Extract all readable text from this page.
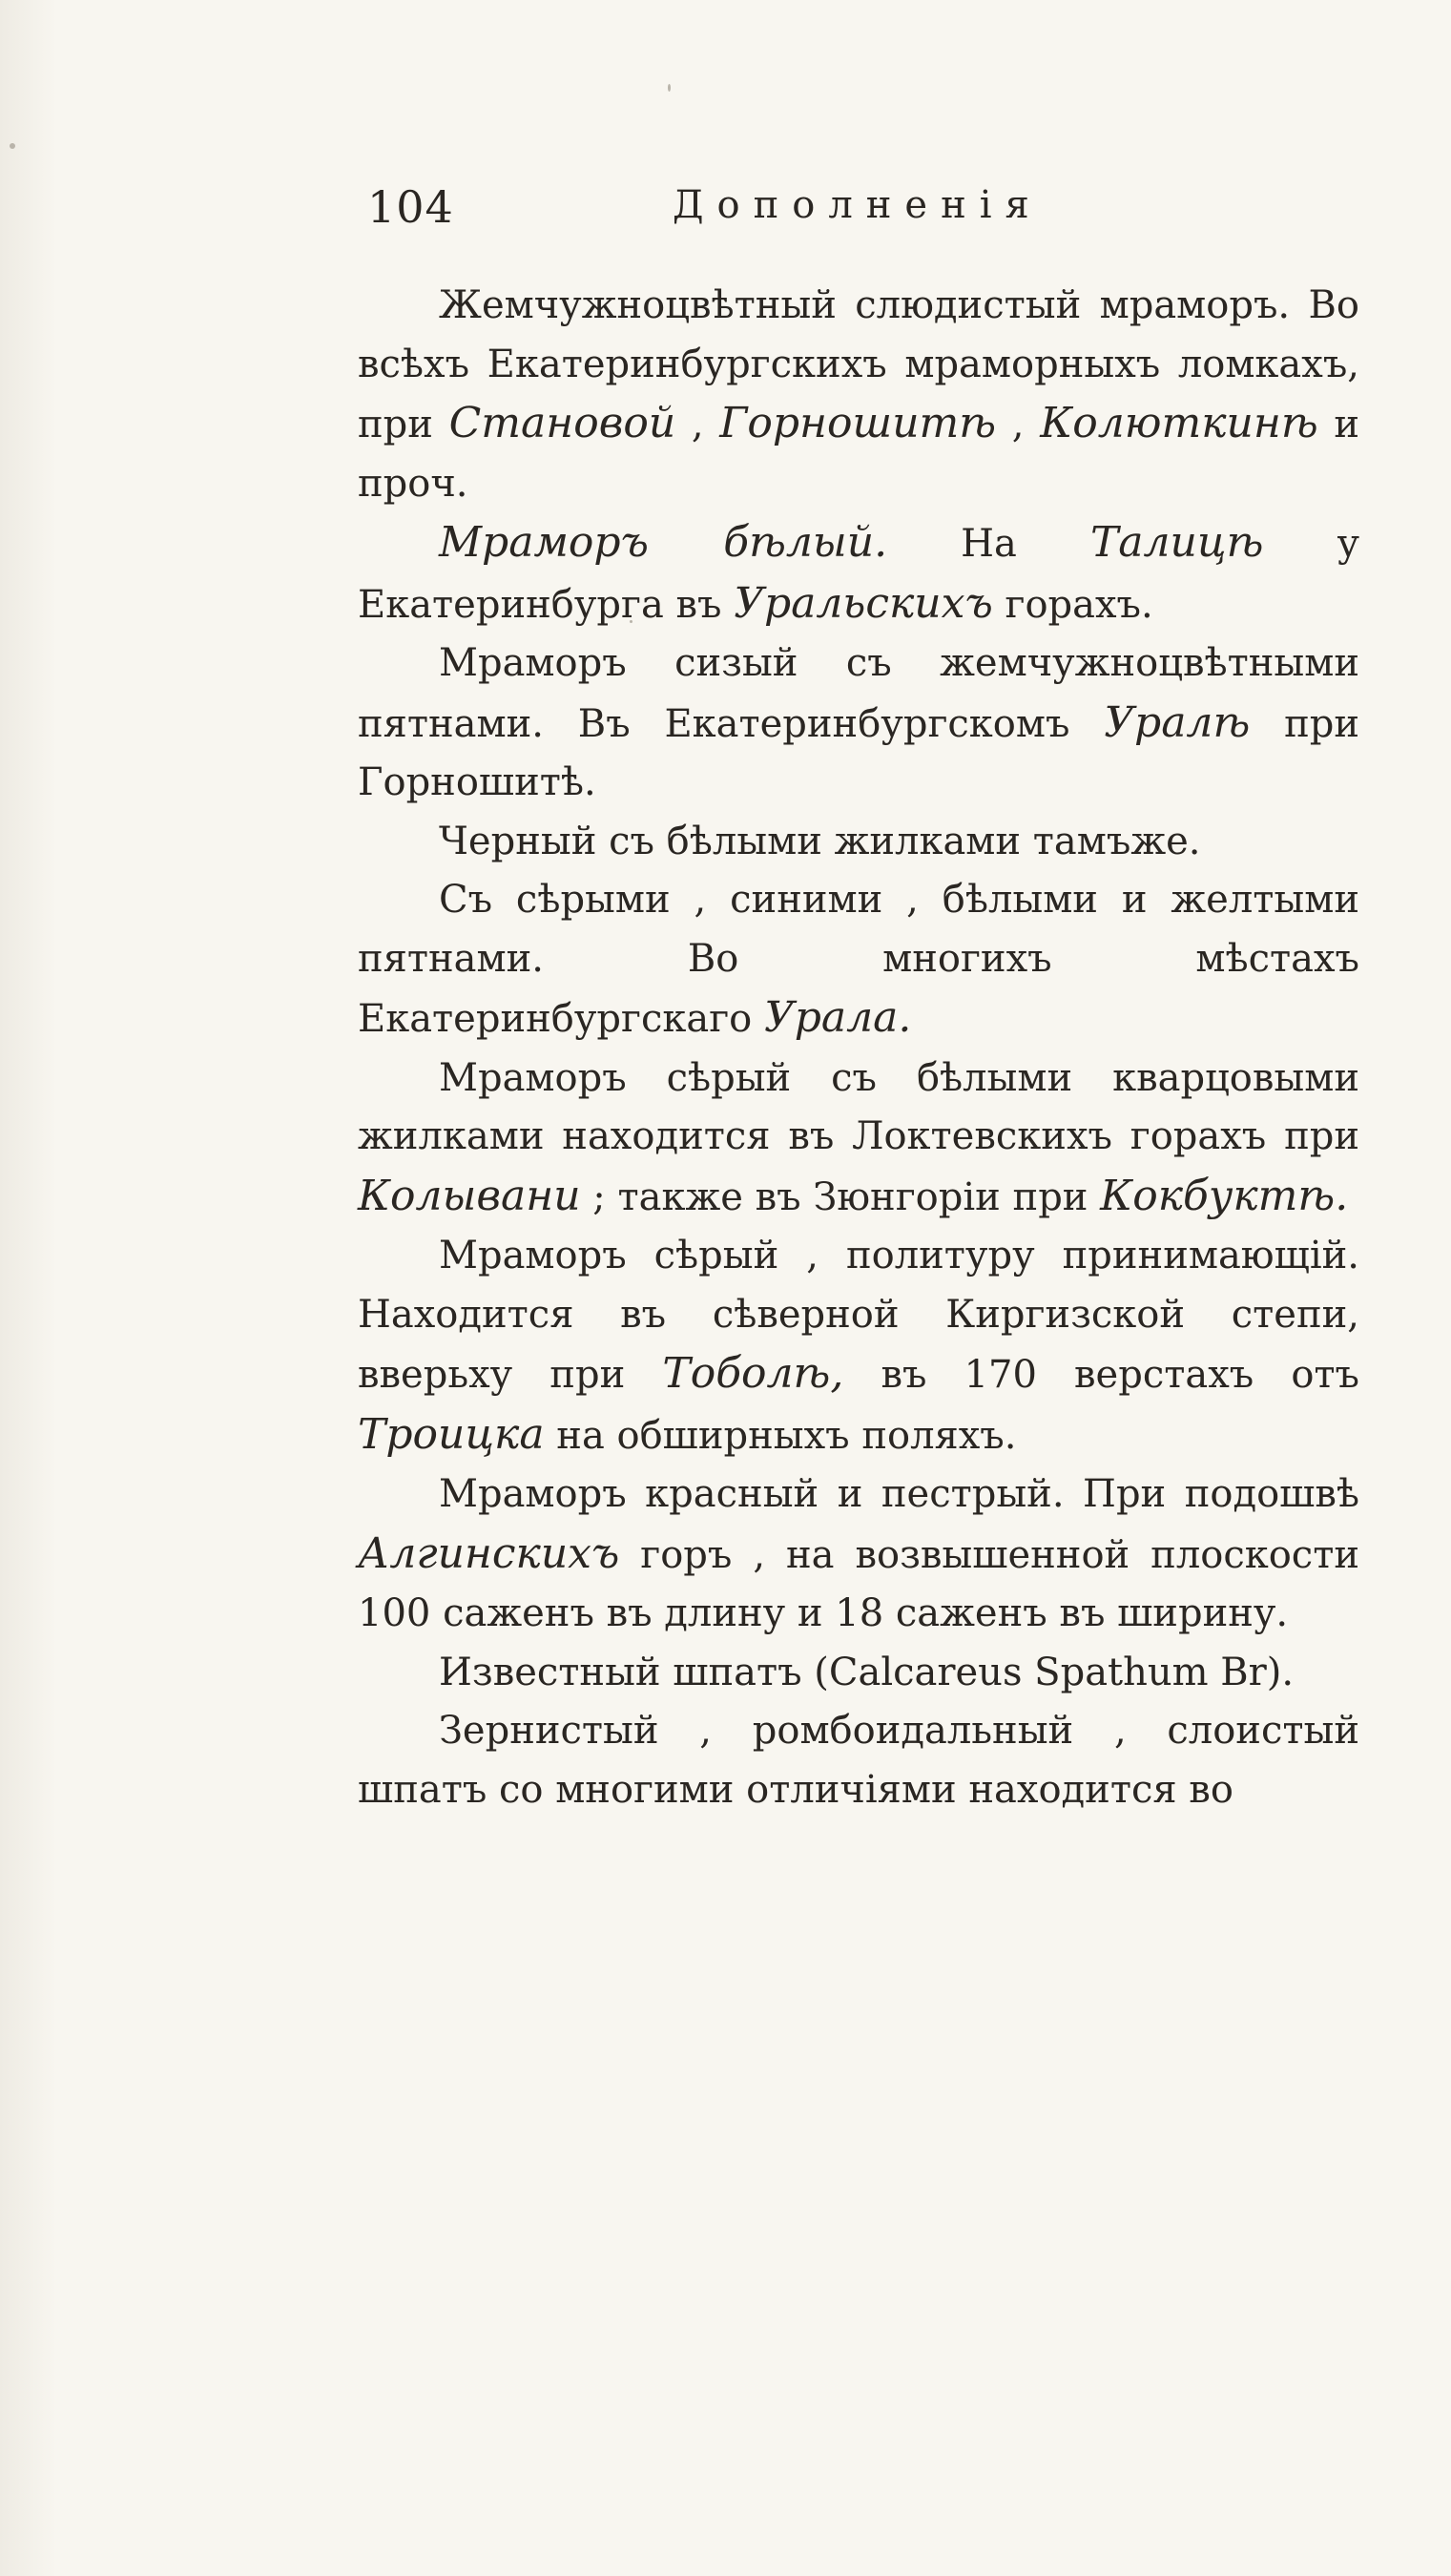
104	Дополненія

Жемчужноцвѣтный слюдистый мраморъ. Во всѣхъ Екатеринбургскихъ мраморныхъ ломкахъ, при Становой , Горношитѣ , Колюткинѣ и проч.

Мраморъ бѣлый. На Талицѣ у Екатеринбурга въ Уральскихъ горахъ.

Мраморъ сизый съ жемчужноцвѣтными пятнами. Въ Екатеринбургскомъ Уралѣ при Горношитѣ.

Черный съ бѣлыми жилками тамъже.

Съ сѣрыми , синими , бѣлыми и желтыми пятнами. Во многихъ мѣстахъ Екатеринбургскаго Урала.

Мраморъ сѣрый съ бѣлыми кварцовыми жилками находится въ Локтевскихъ горахъ при Колывани ; также въ Зюнгоріи при Кокбуктѣ.

Мраморъ сѣрый , политуру принимающій. Находится въ сѣверной Киргизской степи, вверьху при Тоболѣ, въ 170 верстахъ отъ Троицка на обширныхъ поляхъ.

Мраморъ красный и пестрый. При подошвѣ Алгинскихъ горъ , на возвышенной плоскости 100 саженъ въ длину и 18 саженъ въ ширину.

Известный шпатъ (Calcareus Spathum Br).

Зернистый , ромбоидальный , слоистый шпатъ со многими отличіями находится во
